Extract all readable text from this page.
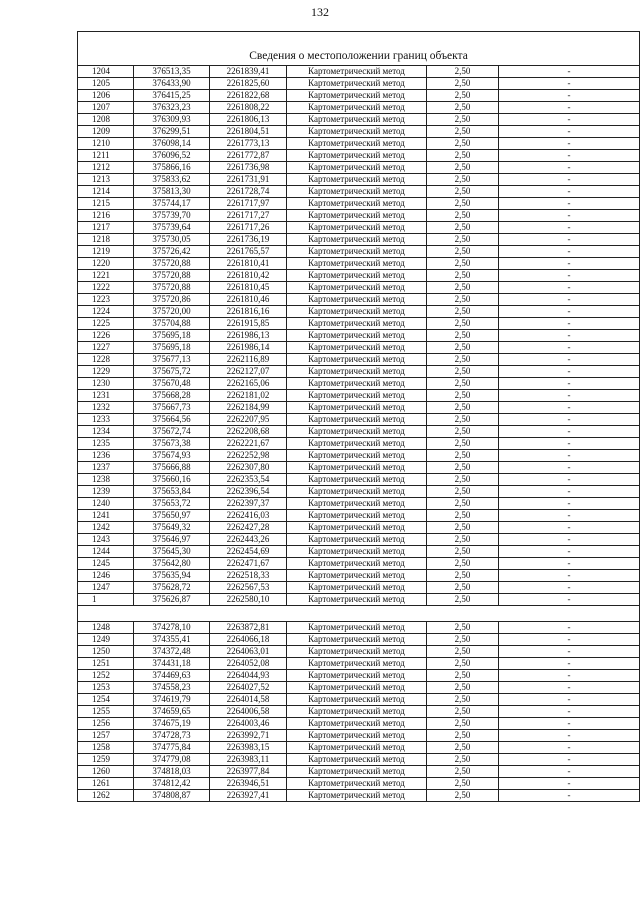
132
Сведения о местоположении границ объекта					
1204	376513,35	2261839,41	Картометрический метод	2,50	-
1205	376433,90	2261825,60	Картометрический метод	2,50	-
1206	376415,25	2261822,68	Картометрический метод	2,50	-
1207	376323,23	2261808,22	Картометрический метод	2,50	-
1208	376309,93	2261806,13	Картометрический метод	2,50	-
1209	376299,51	2261804,51	Картометрический метод	2,50	-
1210	376098,14	2261773,13	Картометрический метод	2,50	-
1211	376096,52	2261772,87	Картометрический метод	2,50	-
1212	375866,16	2261736,98	Картометрический метод	2,50	-
1213	375833,62	2261731,91	Картометрический метод	2,50	-
1214	375813,30	2261728,74	Картометрический метод	2,50	-
1215	375744,17	2261717,97	Картометрический метод	2,50	-
1216	375739,70	2261717,27	Картометрический метод	2,50	-
1217	375739,64	2261717,26	Картометрический метод	2,50	-
1218	375730,05	2261736,19	Картометрический метод	2,50	-
1219	375726,42	2261765,57	Картометрический метод	2,50	-
1220	375720,88	2261810,41	Картометрический метод	2,50	-
1221	375720,88	2261810,42	Картометрический метод	2,50	-
1222	375720,88	2261810,45	Картометрический метод	2,50	-
1223	375720,86	2261810,46	Картометрический метод	2,50	-
1224	375720,00	2261816,16	Картометрический метод	2,50	-
1225	375704,88	2261915,85	Картометрический метод	2,50	-
1226	375695,18	2261986,13	Картометрический метод	2,50	-
1227	375695,18	2261986,14	Картометрический метод	2,50	-
1228	375677,13	2262116,89	Картометрический метод	2,50	-
1229	375675,72	2262127,07	Картометрический метод	2,50	-
1230	375670,48	2262165,06	Картометрический метод	2,50	-
1231	375668,28	2262181,02	Картометрический метод	2,50	-
1232	375667,73	2262184,99	Картометрический метод	2,50	-
1233	375664,56	2262207,95	Картометрический метод	2,50	-
1234	375672,74	2262208,68	Картометрический метод	2,50	-
1235	375673,38	2262221,67	Картометрический метод	2,50	-
1236	375674,93	2262252,98	Картометрический метод	2,50	-
1237	375666,88	2262307,80	Картометрический метод	2,50	-
1238	375660,16	2262353,54	Картометрический метод	2,50	-
1239	375653,84	2262396,54	Картометрический метод	2,50	-
1240	375653,72	2262397,37	Картометрический метод	2,50	-
1241	375650,97	2262416,03	Картометрический метод	2,50	-
1242	375649,32	2262427,28	Картометрический метод	2,50	-
1243	375646,97	2262443,26	Картометрический метод	2,50	-
1244	375645,30	2262454,69	Картометрический метод	2,50	-
1245	375642,80	2262471,67	Картометрический метод	2,50	-
1246	375635,94	2262518,33	Картометрический метод	2,50	-
1247	375628,72	2262567,53	Картометрический метод	2,50	-
1	375626,87	2262580,10	Картометрический метод	2,50	-

1248	374278,10	2263872,81	Картометрический метод	2,50	-
1249	374355,41	2264066,18	Картометрический метод	2,50	-
1250	374372,48	2264063,01	Картометрический метод	2,50	-
1251	374431,18	2264052,08	Картометрический метод	2,50	-
1252	374469,63	2264044,93	Картометрический метод	2,50	-
1253	374558,23	2264027,52	Картометрический метод	2,50	-
1254	374619,79	2264014,58	Картометрический метод	2,50	-
1255	374659,65	2264006,58	Картометрический метод	2,50	-
1256	374675,19	2264003,46	Картометрический метод	2,50	-
1257	374728,73	2263992,71	Картометрический метод	2,50	-
1258	374775,84	2263983,15	Картометрический метод	2,50	-
1259	374779,08	2263983,11	Картометрический метод	2,50	-
1260	374818,03	2263977,84	Картометрический метод	2,50	-
1261	374812,42	2263946,51	Картометрический метод	2,50	-
1262	374808,87	2263927,41	Картометрический метод	2,50	-
